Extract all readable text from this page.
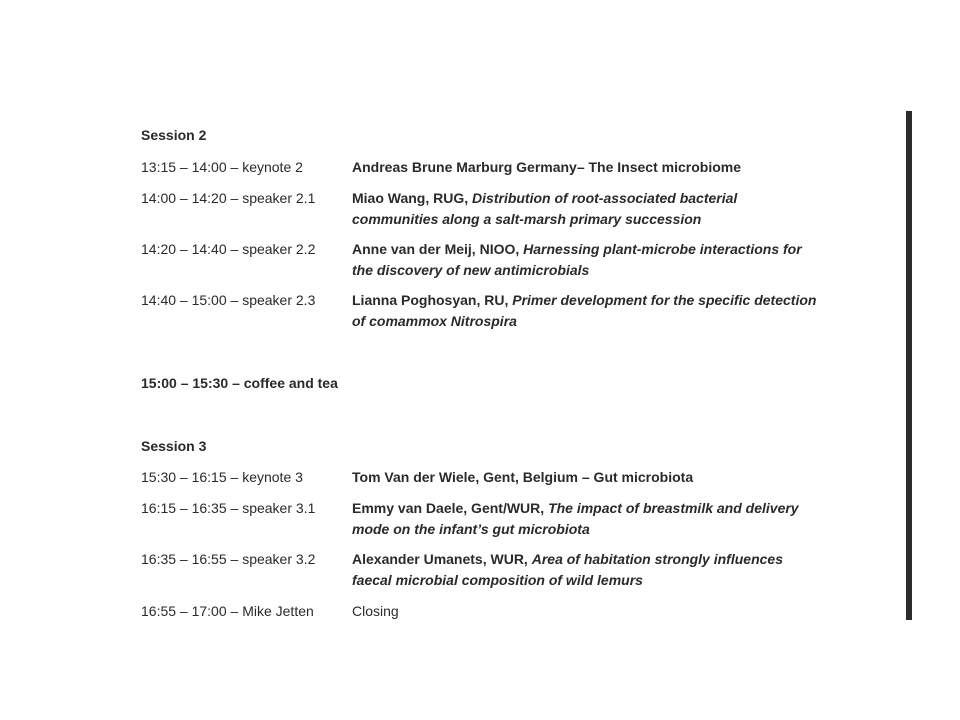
Session 2
13:15 – 14:00 – keynote 2	Andreas Brune Marburg Germany– The Insect microbiome
14:00 – 14:20 – speaker 2.1	Miao Wang, RUG, Distribution of root-associated bacterial communities along a salt-marsh primary succession
14:20 – 14:40 – speaker 2.2	Anne van der Meij, NIOO, Harnessing plant-microbe interactions for the discovery of new antimicrobials
14:40 – 15:00 – speaker 2.3	Lianna Poghosyan, RU, Primer development for the specific detection of comammox Nitrospira
15:00 – 15:30 – coffee and tea
Session 3
15:30 – 16:15 – keynote 3	Tom Van der Wiele, Gent, Belgium – Gut microbiota
16:15 – 16:35 – speaker 3.1	Emmy van Daele, Gent/WUR, The impact of breastmilk and delivery mode on the infant’s gut microbiota
16:35 – 16:55 – speaker 3.2	Alexander Umanets, WUR, Area of habitation strongly influences faecal microbial composition of wild lemurs
16:55 – 17:00 – Mike Jetten	Closing
